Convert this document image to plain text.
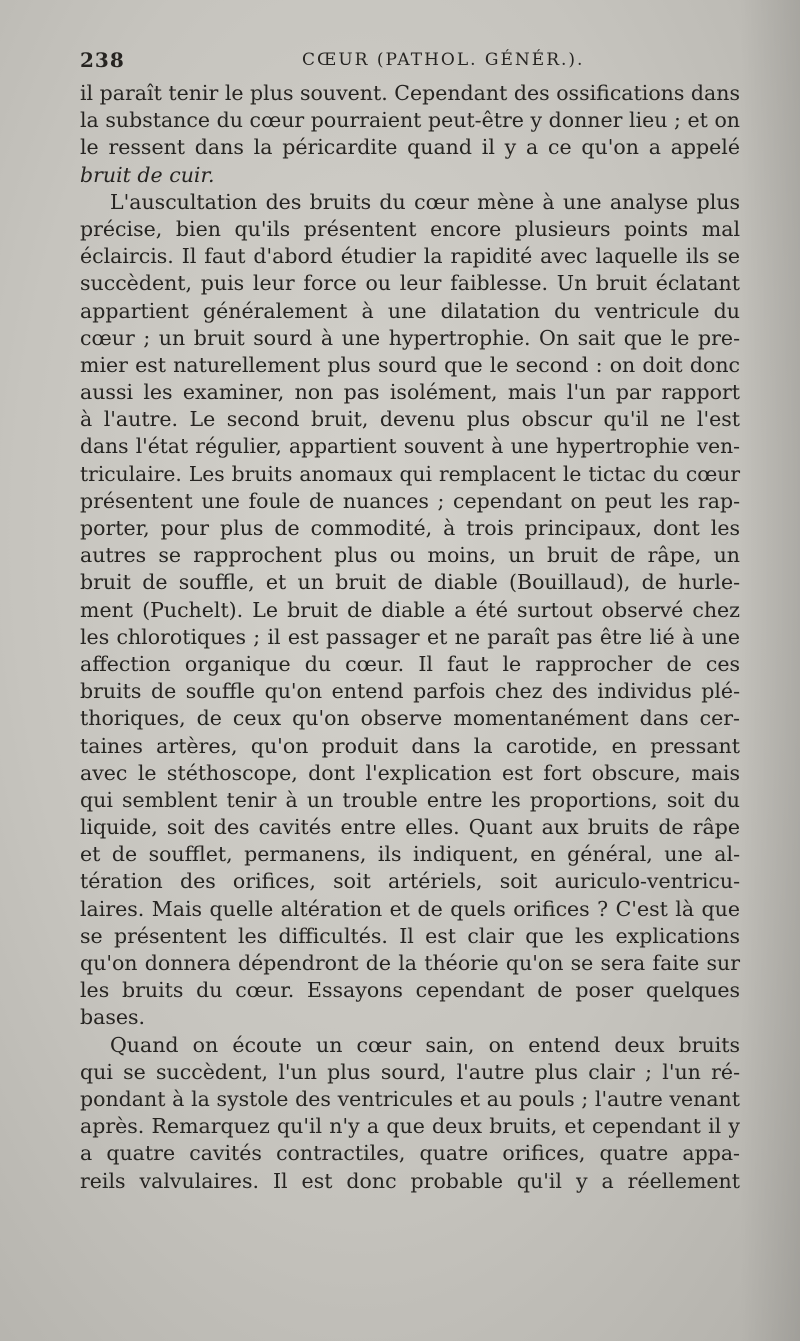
238	CŒUR (PATHOL. GÉNÉR.).
il paraît tenir le plus souvent. Cependant des ossifications dans
la substance du cœur pourraient peut-être y donner lieu ; et on
le ressent dans la péricardite quand il y a ce qu'on a appelé
bruit de cuir.
L'auscultation des bruits du cœur mène à une analyse plus
précise, bien qu'ils présentent encore plusieurs points mal
éclaircis. Il faut d'abord étudier la rapidité avec laquelle ils se
succèdent, puis leur force ou leur faiblesse. Un bruit éclatant
appartient généralement à une dilatation du ventricule du
cœur ; un bruit sourd à une hypertrophie. On sait que le pre-
mier est naturellement plus sourd que le second : on doit donc
aussi les examiner, non pas isolément, mais l'un par rapport
à l'autre. Le second bruit, devenu plus obscur qu'il ne l'est
dans l'état régulier, appartient souvent à une hypertrophie ven-
triculaire. Les bruits anomaux qui remplacent le tictac du cœur
présentent une foule de nuances ; cependant on peut les rap-
porter, pour plus de commodité, à trois principaux, dont les
autres se rapprochent plus ou moins, un bruit de râpe, un
bruit de souffle, et un bruit de diable (Bouillaud), de hurle-
ment (Puchelt). Le bruit de diable a été surtout observé chez
les chlorotiques ; il est passager et ne paraît pas être lié à une
affection organique du cœur. Il faut le rapprocher de ces
bruits de souffle qu'on entend parfois chez des individus plé-
thoriques, de ceux qu'on observe momentanément dans cer-
taines artères, qu'on produit dans la carotide, en pressant
avec le stéthoscope, dont l'explication est fort obscure, mais
qui semblent tenir à un trouble entre les proportions, soit du
liquide, soit des cavités entre elles. Quant aux bruits de râpe
et de soufflet, permanens, ils indiquent, en général, une al-
tération des orifices, soit artériels, soit auriculo-ventricu-
laires. Mais quelle altération et de quels orifices ? C'est là que
se présentent les difficultés. Il est clair que les explications
qu'on donnera dépendront de la théorie qu'on se sera faite sur
les bruits du cœur. Essayons cependant de poser quelques
bases.
Quand on écoute un cœur sain, on entend deux bruits
qui se succèdent, l'un plus sourd, l'autre plus clair ; l'un ré-
pondant à la systole des ventricules et au pouls ; l'autre venant
après. Remarquez qu'il n'y a que deux bruits, et cependant il y
a quatre cavités contractiles, quatre orifices, quatre appa-
reils valvulaires. Il est donc probable qu'il y a réellement
